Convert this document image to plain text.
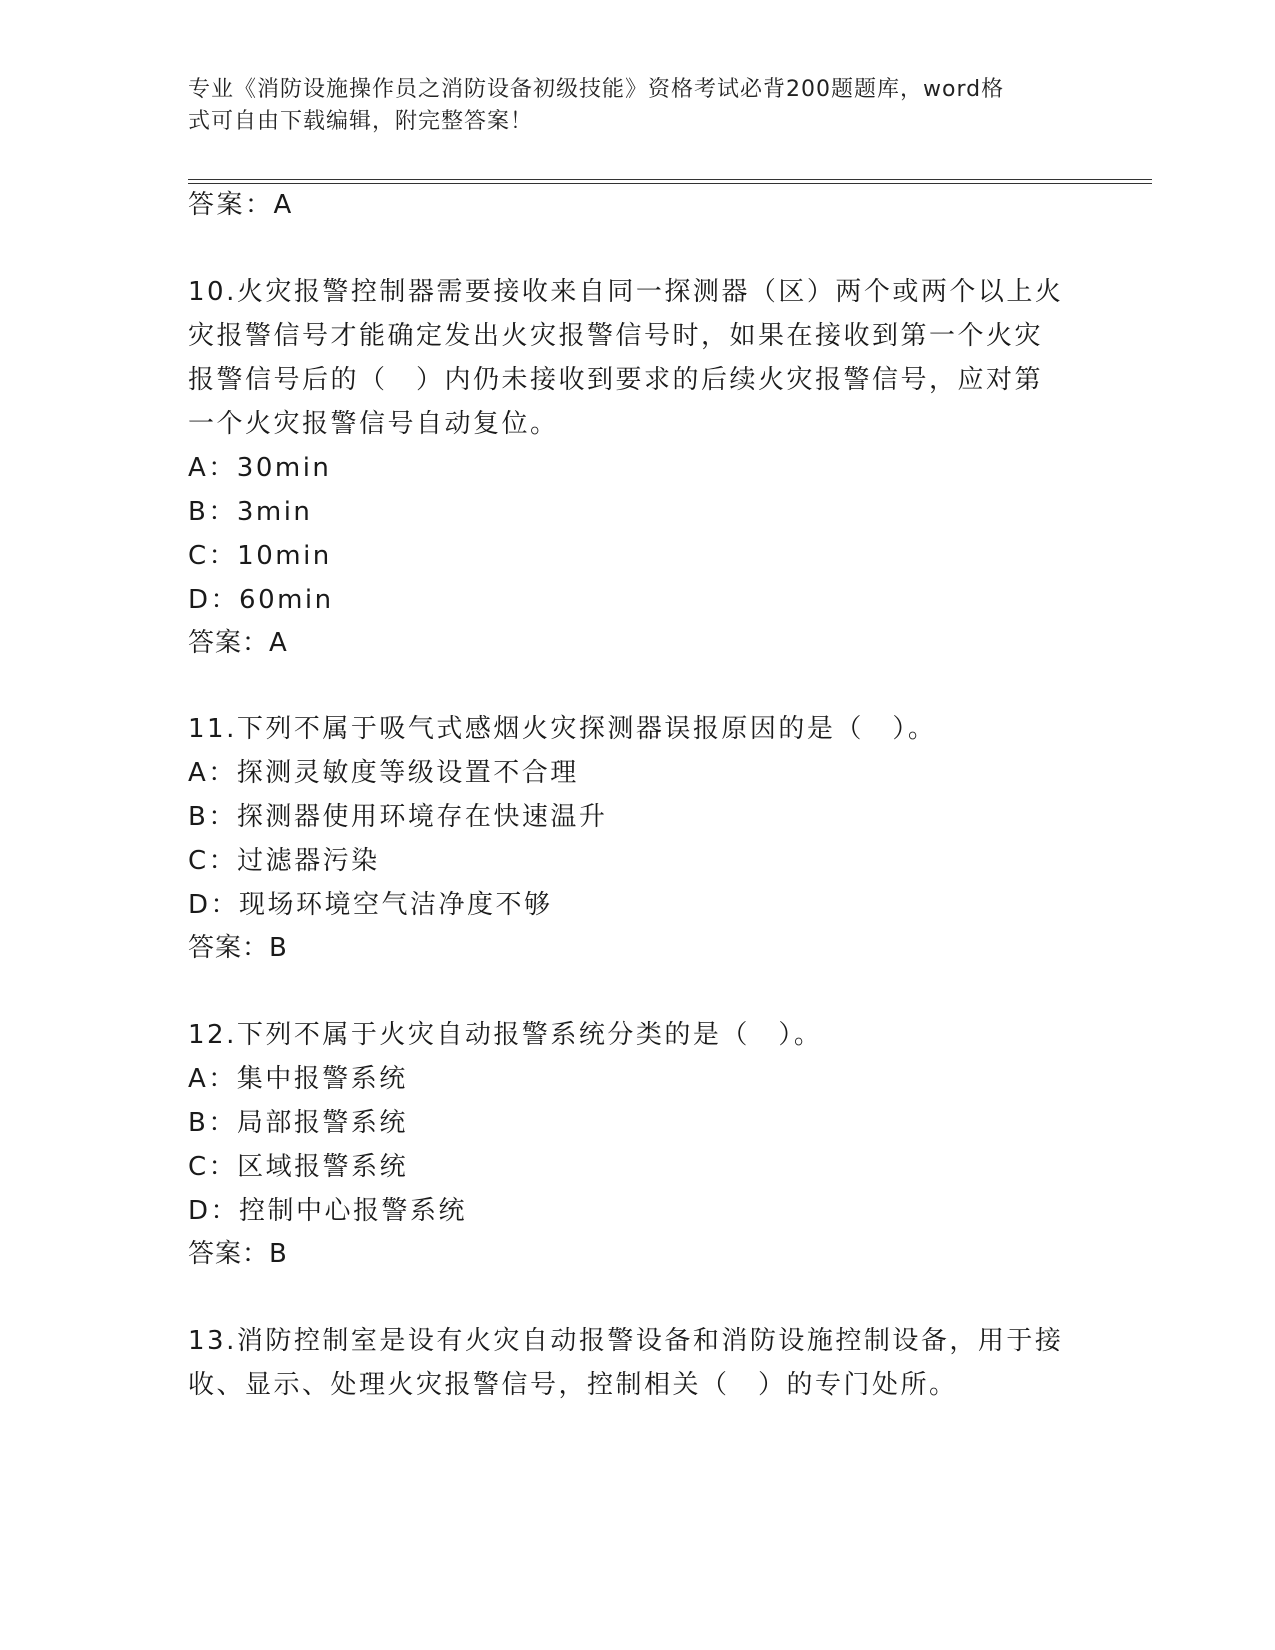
专业《消防设施操作员之消防设备初级技能》资格考试必背200题题库，word格
式可自由下载编辑，附完整答案！
答案：A
10.火灾报警控制器需要接收来自同一探测器（区）两个或两个以上火
灾报警信号才能确定发出火灾报警信号时，如果在接收到第一个火灾
报警信号后的（　）内仍未接收到要求的后续火灾报警信号，应对第
一个火灾报警信号自动复位。
A：30min
B：3min
C：10min
D：60min
答案：A
11.下列不属于吸气式感烟火灾探测器误报原因的是（　）。
A：探测灵敏度等级设置不合理
B：探测器使用环境存在快速温升
C：过滤器污染
D：现场环境空气洁净度不够
答案：B
12.下列不属于火灾自动报警系统分类的是（　）。
A：集中报警系统
B：局部报警系统
C：区域报警系统
D：控制中心报警系统
答案：B
13.消防控制室是设有火灾自动报警设备和消防设施控制设备，用于接
收、显示、处理火灾报警信号，控制相关（　）的专门处所。
